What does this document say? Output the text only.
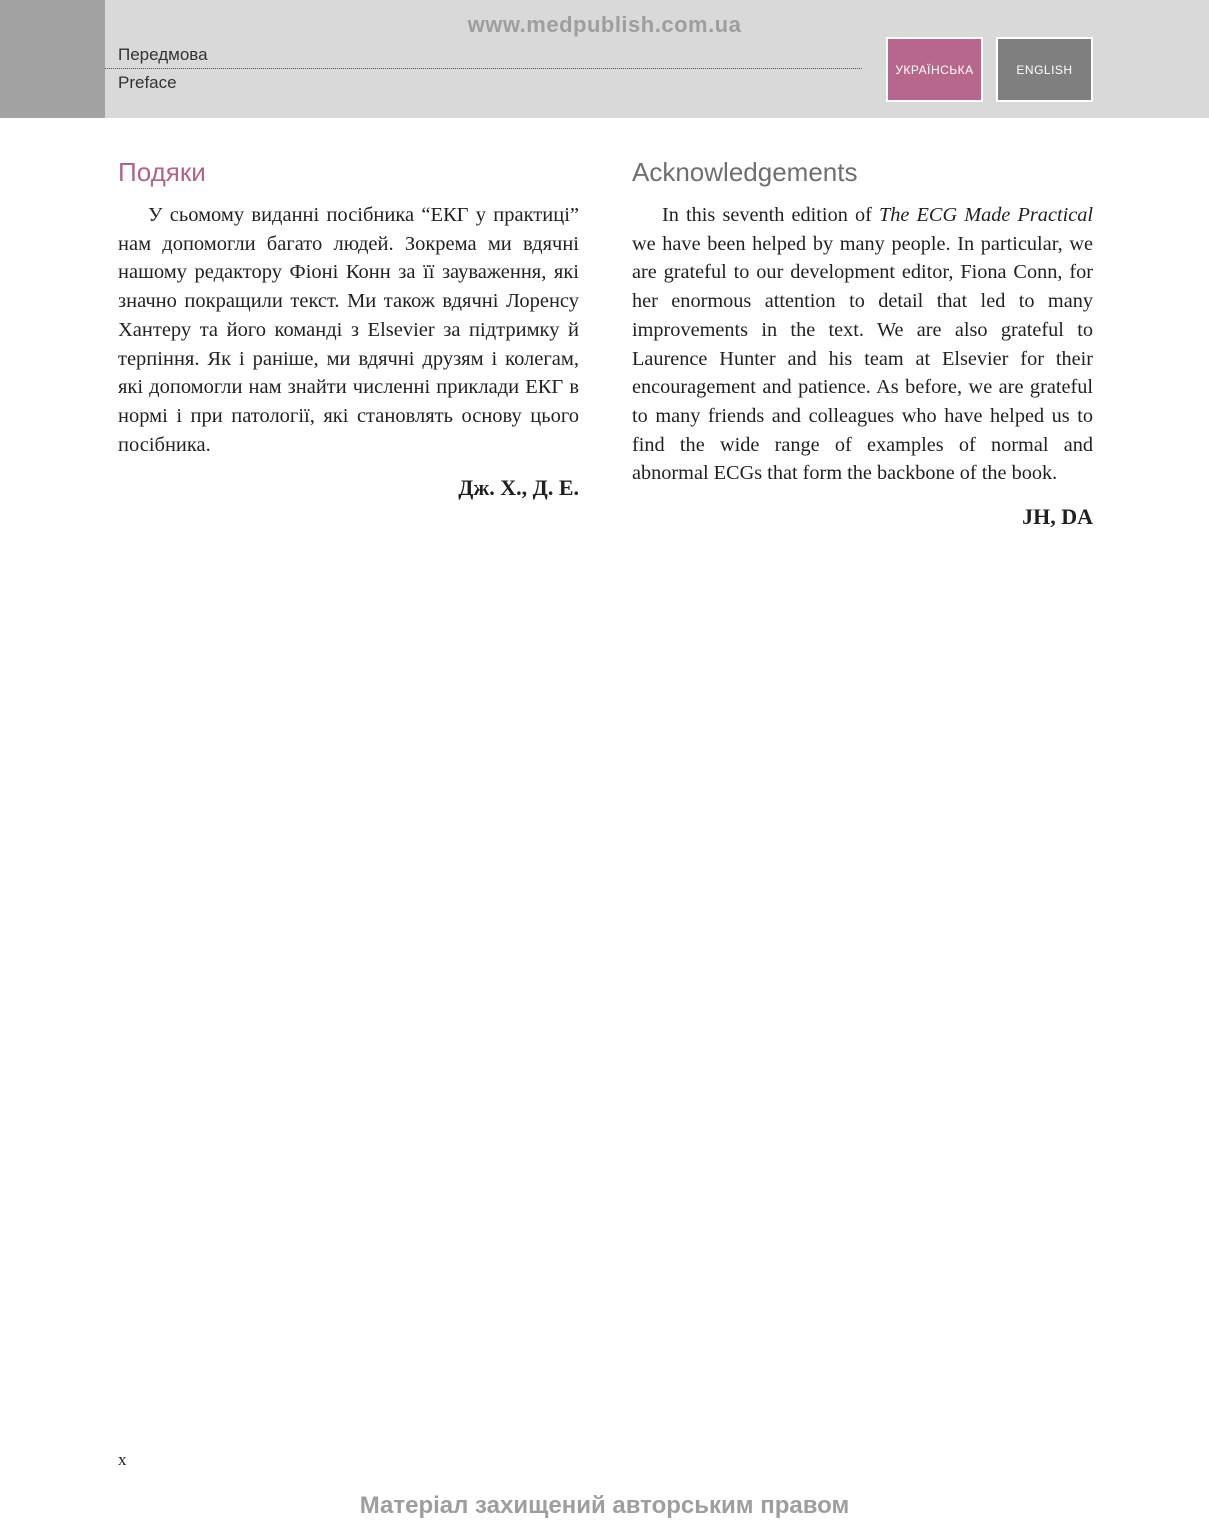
www.medpublish.com.ua
Передмова
Preface
УКРАЇНСЬКА	ENGLISH
Подяки

У сьомому виданні посібника “ЕКГ у практиці” нам допомогли багато людей. Зокрема ми вдячні нашому редактору Фіоні Конн за її зауваження, які значно покращили текст. Ми також вдячні Лоренсу Хантеру та його команді з Elsevier за підтримку й терпіння. Як і раніше, ми вдячні друзям і колегам, які допомогли нам знайти численні приклади ЕКГ в нормі і при патології, які становлять основу цього посібника.

Дж. Х., Д. Е.

Acknowledgements

In this seventh edition of The ECG Made Practical we have been helped by many people. In particular, we are grateful to our development editor, Fiona Conn, for her enormous attention to detail that led to many improvements in the text. We are also grateful to Laurence Hunter and his team at Elsevier for their encouragement and patience. As before, we are grateful to many friends and colleagues who have helped us to find the wide range of examples of normal and abnormal ECGs that form the backbone of the book.

JH, DA

x
Матеріал захищений авторським правом
